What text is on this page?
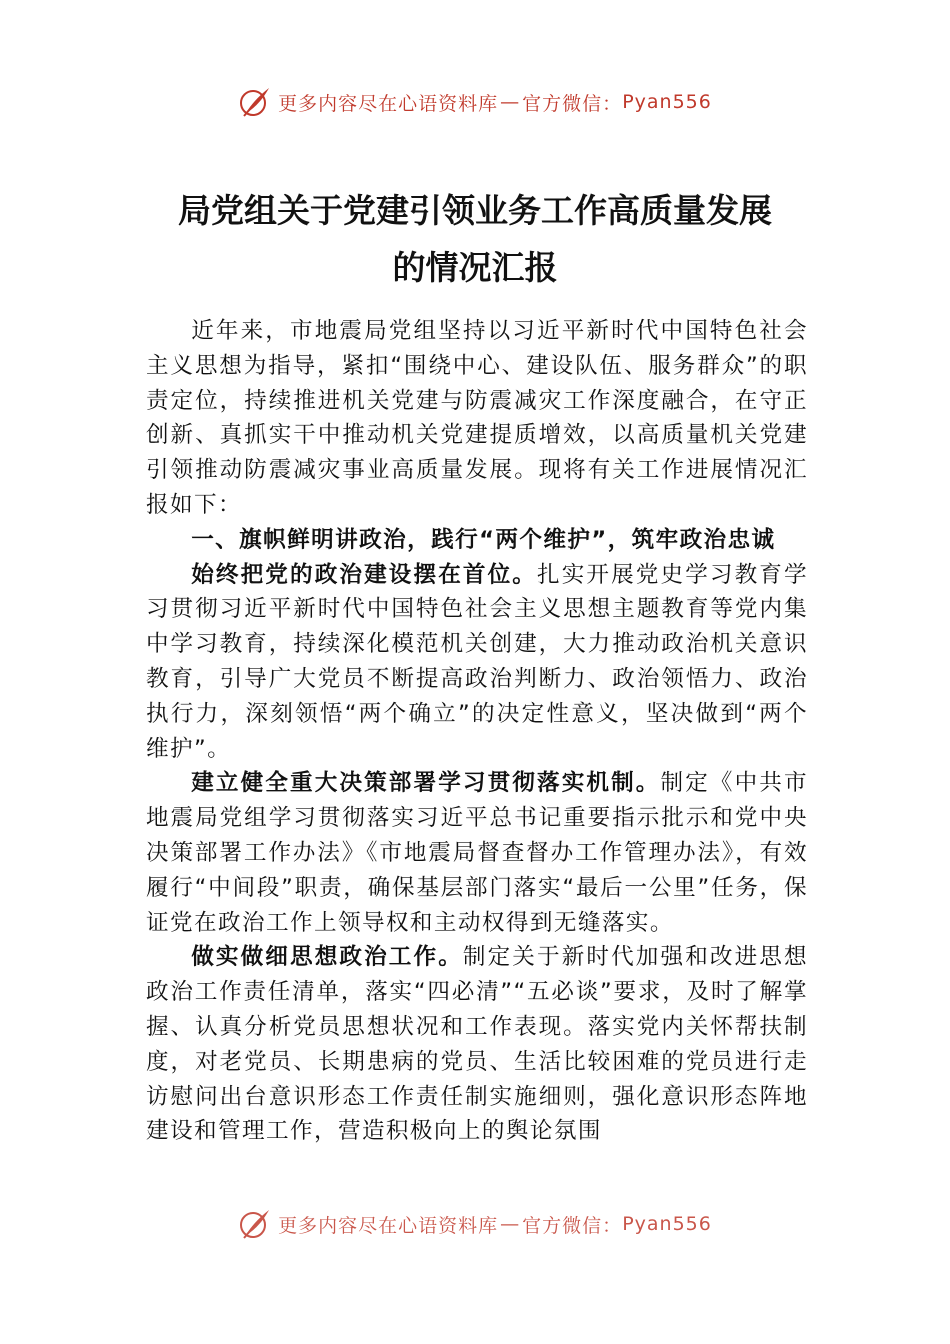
更多内容尽在心语资料库 — 官方微信： Pyan556
局党组关于党建引领业务工作高质量发展
的情况汇报

近年来，市地震局党组坚持以习近平新时代中国特色社会主义思想为指导，紧扣“围绕中心、建设队伍、服务群众”的职责定位，持续推进机关党建与防震减灾工作深度融合，在守正创新、真抓实干中推动机关党建提质增效，以高质量机关党建引领推动防震减灾事业高质量发展。现将有关工作进展情况汇报如下：

一、旗帜鲜明讲政治，践行“两个维护”，筑牢政治忠诚

始终把党的政治建设摆在首位。扎实开展党史学习教育学习贯彻习近平新时代中国特色社会主义思想主题教育等党内集中学习教育，持续深化模范机关创建，大力推动政治机关意识教育，引导广大党员不断提高政治判断力、政治领悟力、政治执行力，深刻领悟“两个确立”的决定性意义，坚决做到“两个维护”。

建立健全重大决策部署学习贯彻落实机制。制定《中共市地震局党组学习贯彻落实习近平总书记重要指示批示和党中央决策部署工作办法》《市地震局督查督办工作管理办法》，有效履行“中间段”职责，确保基层部门落实“最后一公里”任务，保证党在政治工作上领导权和主动权得到无缝落实。

做实做细思想政治工作。制定关于新时代加强和改进思想政治工作责任清单，落实“四必清”“五必谈”要求，及时了解掌握、认真分析党员思想状况和工作表现。落实党内关怀帮扶制度，对老党员、长期患病的党员、生活比较困难的党员进行走访慰问出台意识形态工作责任制实施细则，强化意识形态阵地建设和管理工作，营造积极向上的舆论氛围

更多内容尽在心语资料库 — 官方微信： Pyan556
